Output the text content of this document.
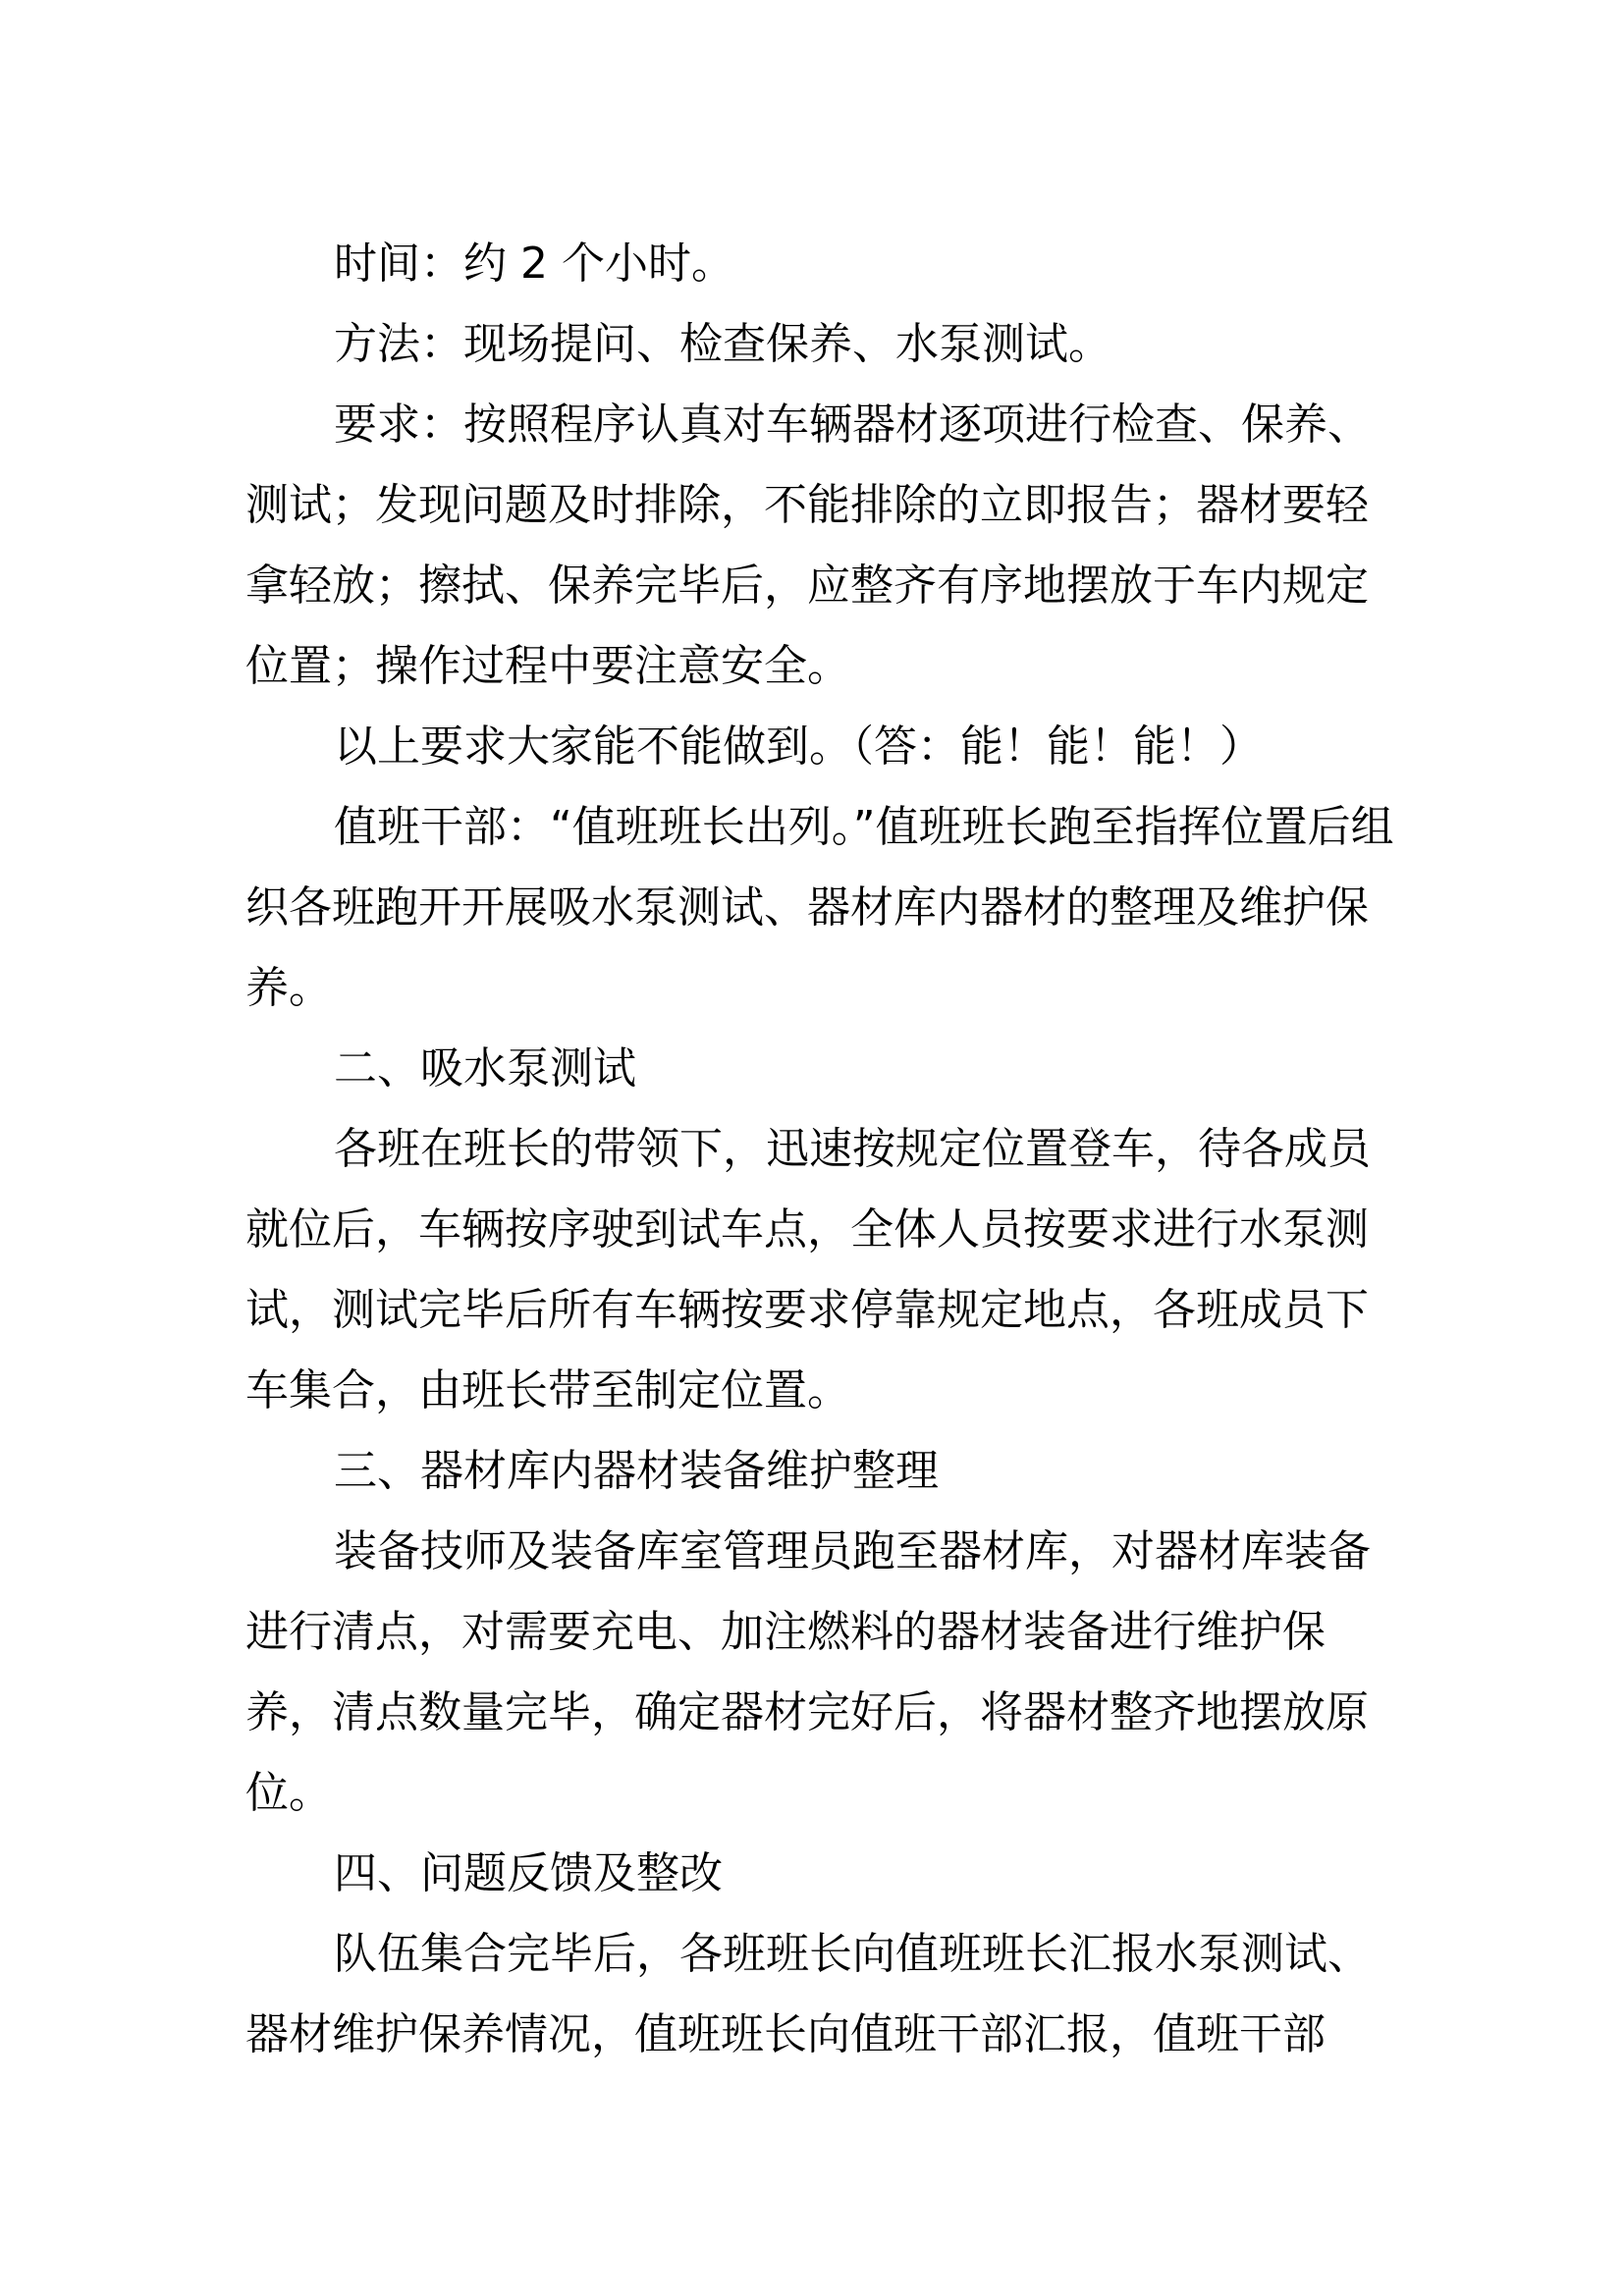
时间：约 2 个小时。

方法：现场提问、检查保养、水泵测试。

要求：按照程序认真对车辆器材逐项进行检查、保养、测试；发现问题及时排除，不能排除的立即报告；器材要轻拿轻放；擦拭、保养完毕后，应整齐有序地摆放于车内规定位置；操作过程中要注意安全。

以上要求大家能不能做到。（答：能！能！能！）

值班干部：“值班班长出列。”值班班长跑至指挥位置后组织各班跑开开展吸水泵测试、器材库内器材的整理及维护保养。

二、吸水泵测试

各班在班长的带领下，迅速按规定位置登车，待各成员就位后，车辆按序驶到试车点，全体人员按要求进行水泵测试，测试完毕后所有车辆按要求停靠规定地点，各班成员下车集合，由班长带至制定位置。

三、器材库内器材装备维护整理

装备技师及装备库室管理员跑至器材库，对器材库装备进行清点，对需要充电、加注燃料的器材装备进行维护保养，清点数量完毕，确定器材完好后，将器材整齐地摆放原位。

四、问题反馈及整改

队伍集合完毕后，各班班长向值班班长汇报水泵测试、器材维护保养情况，值班班长向值班干部汇报，值班干部
